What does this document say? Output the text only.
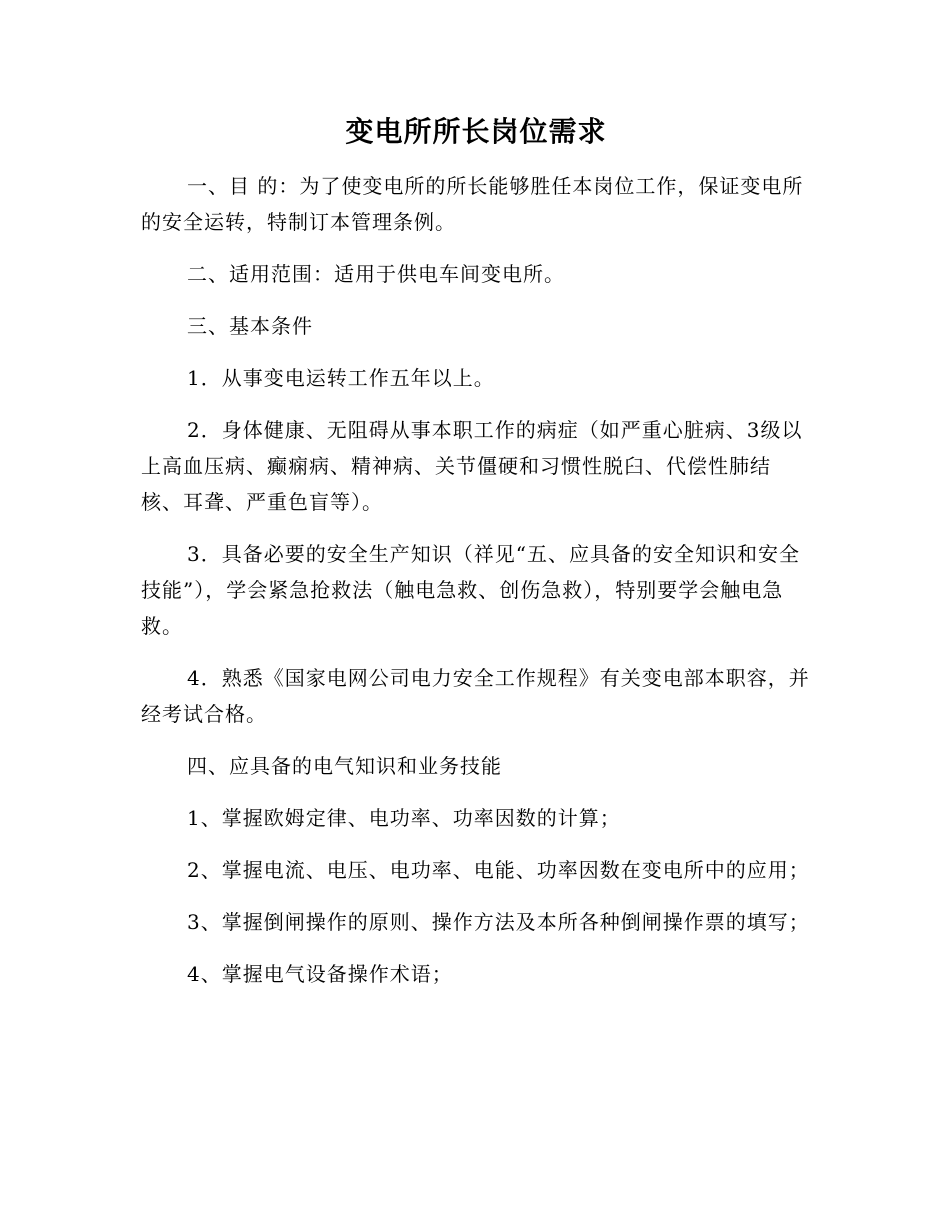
变电所所长岗位需求

一、目 的：为了使变电所的所长能够胜任本岗位工作，保证变电所的安全运转，特制订本管理条例。

二、适用范围：适用于供电车间变电所。

三、基本条件

1．从事变电运转工作五年以上。

2．身体健康、无阻碍从事本职工作的病症（如严重心脏病、3级以上高血压病、癫痫病、精神病、关节僵硬和习惯性脱臼、代偿性肺结核、耳聋、严重色盲等）。

3．具备必要的安全生产知识（祥见“五、应具备的安全知识和安全技能”），学会紧急抢救法（触电急救、创伤急救），特别要学会触电急救。

4．熟悉《国家电网公司电力安全工作规程》有关变电部本职容，并经考试合格。

四、应具备的电气知识和业务技能

1、掌握欧姆定律、电功率、功率因数的计算；

2、掌握电流、电压、电功率、电能、功率因数在变电所中的应用；

3、掌握倒闸操作的原则、操作方法及本所各种倒闸操作票的填写；

4、掌握电气设备操作术语；
